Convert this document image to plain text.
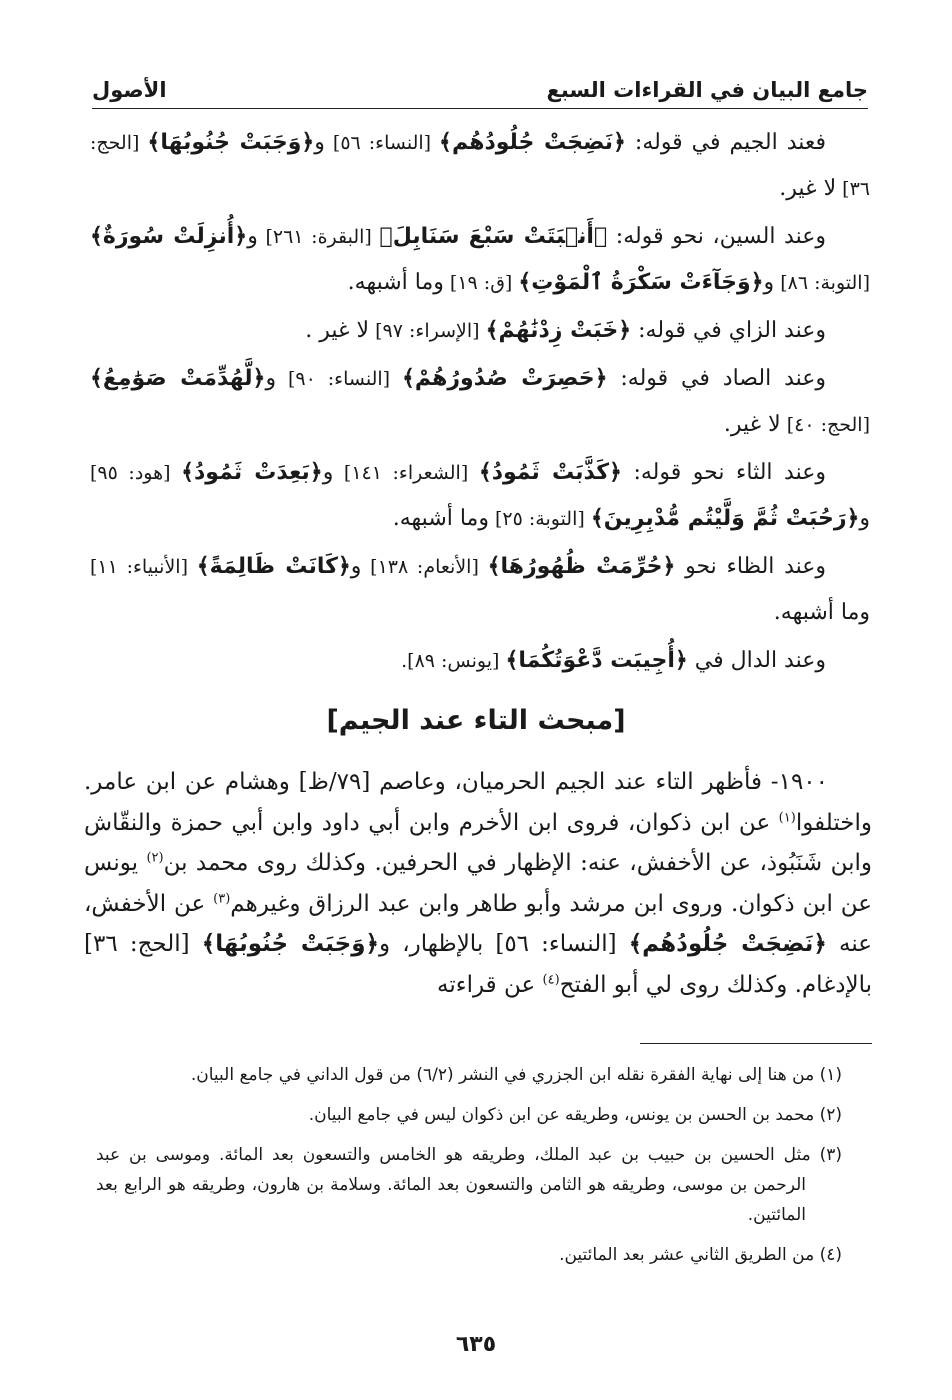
جامع البيان في القراءات السبع
الأصول

فعند الجيم في قوله: ﴿نَضِجَتْ جُلُودُهُم﴾ [النساء: ٥٦] و﴿وَجَبَتْ جُنُوبُهَا﴾ [الحج: ٣٦] لا غير.

وعند السين، نحو قوله: ﴿أَنۢبَتَتْ سَبْعَ سَنَابِلَ﴾ [البقرة: ٢٦١] و﴿أُنزِلَتْ سُورَةٌ﴾ [التوبة: ٨٦] و﴿وَجَآءَتْ سَكْرَةُ ٱلْمَوْتِ﴾ [ق: ١٩] وما أشبهه.

وعند الزاي في قوله: ﴿خَبَتْ زِدْنَٰهُمْ﴾ [الإسراء: ٩٧] لا غير .

وعند الصاد في قوله: ﴿حَصِرَتْ صُدُورُهُمْ﴾ [النساء: ٩٠] و﴿لَّهُدِّمَتْ صَوَٰمِعُ﴾ [الحج: ٤٠] لا غير.

وعند الثاء نحو قوله: ﴿كَذَّبَتْ ثَمُودُ﴾ [الشعراء: ١٤١] و﴿بَعِدَتْ ثَمُودُ﴾ [هود: ٩٥] و﴿رَحُبَتْ ثُمَّ وَلَّيْتُم مُّدْبِرِينَ﴾ [التوبة: ٢٥] وما أشبهه.

وعند الظاء نحو ﴿حُرِّمَتْ ظُهُورُهَا﴾ [الأنعام: ١٣٨] و﴿كَانَتْ ظَالِمَةً﴾ [الأنبياء: ١١] وما أشبهه.

وعند الدال في ﴿أُجِيبَت دَّعْوَتُكُمَا﴾ [يونس: ٨٩].

[مبحث التاء عند الجيم]
١٩٠٠- فأظهر التاء عند الجيم الحرميان، وعاصم [٧٩/ظ] وهشام عن ابن عامر. واختلفوا$^{(١)}$ عن ابن ذكوان، فروى ابن الأخرم وابن أبي داود وابن أبي حمزة والنقّاش وابن شَنَبُوذ، عن الأخفش، عنه: الإظهار في الحرفين. وكذلك روى محمد بن$^{(٢)}$ يونس عن ابن ذكوان. وروى ابن مرشد وأبو طاهر وابن عبد الرزاق وغيرهم$^{(٣)}$ عن الأخفش، عنه ﴿نَضِجَتْ جُلُودُهُم﴾ [النساء: ٥٦] بالإظهار، و﴿وَجَبَتْ جُنُوبُهَا﴾ [الحج: ٣٦] بالإدغام. وكذلك روى لي أبو الفتح$^{(٤)}$ عن قراءته

(١) من هنا إلى نهاية الفقرة نقله ابن الجزري في النشر (٦/٢) من قول الداني في جامع البيان.

(٢) محمد بن الحسن بن يونس، وطريقه عن ابن ذكوان ليس في جامع البيان.

(٣) مثل الحسين بن حبيب بن عبد الملك، وطريقه هو الخامس والتسعون بعد المائة. وموسى بن عبد الرحمن بن موسى، وطريقه هو الثامن والتسعون بعد المائة. وسلامة بن هارون، وطريقه هو الرابع بعد المائتين.

(٤) من الطريق الثاني عشر بعد المائتين.

٦٣٥
